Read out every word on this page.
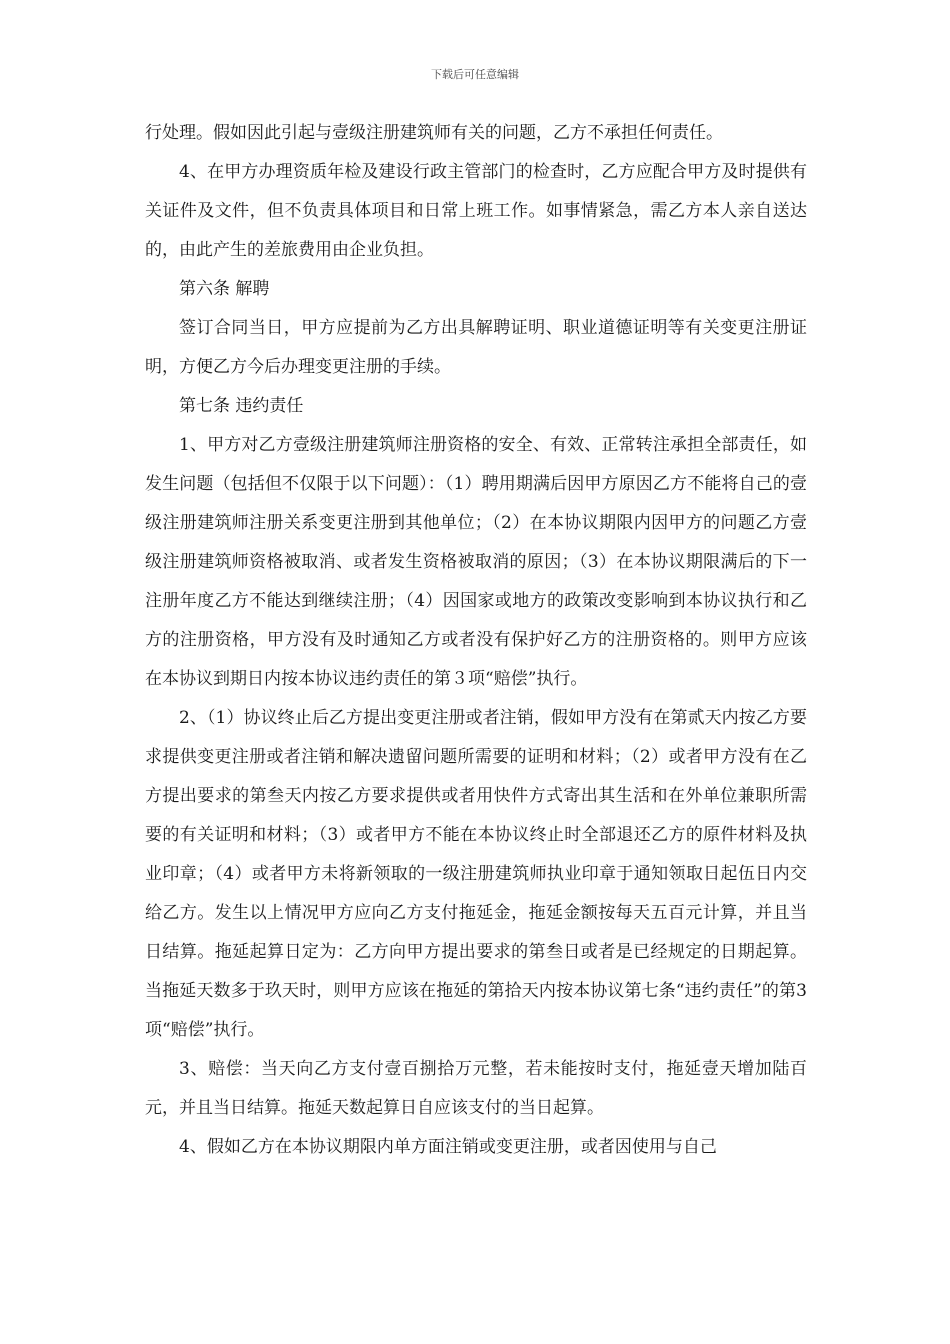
下载后可任意编辑

行处理。假如因此引起与壹级注册建筑师有关的问题，乙方不承担任何责任。

4、在甲方办理资质年检及建设行政主管部门的检查时，乙方应配合甲方及时提供有关证件及文件，但不负责具体项目和日常上班工作。如事情紧急，需乙方本人亲自送达的，由此产生的差旅费用由企业负担。

第六条 解聘

签订合同当日，甲方应提前为乙方出具解聘证明、职业道德证明等有关变更注册证明，方便乙方今后办理变更注册的手续。

第七条 违约责任

1、甲方对乙方壹级注册建筑师注册资格的安全、有效、正常转注承担全部责任，如发生问题（包括但不仅限于以下问题）：（1）聘用期满后因甲方原因乙方不能将自己的壹级注册建筑师注册关系变更注册到其他单位；（2）在本协议期限内因甲方的问题乙方壹级注册建筑师资格被取消、或者发生资格被取消的原因；（3）在本协议期限满后的下一注册年度乙方不能达到继续注册；（4）因国家或地方的政策改变影响到本协议执行和乙方的注册资格，甲方没有及时通知乙方或者没有保护好乙方的注册资格的。则甲方应该在本协议到期日内按本协议违约责任的第３项“赔偿”执行。

2、（1）协议终止后乙方提出变更注册或者注销，假如甲方没有在第贰天内按乙方要求提供变更注册或者注销和解决遗留问题所需要的证明和材料；（2）或者甲方没有在乙方提出要求的第叁天内按乙方要求提供或者用快件方式寄出其生活和在外单位兼职所需要的有关证明和材料；（3）或者甲方不能在本协议终止时全部退还乙方的原件材料及执业印章；（4）或者甲方未将新领取的一级注册建筑师执业印章于通知领取日起伍日内交给乙方。发生以上情况甲方应向乙方支付拖延金，拖延金额按每天五百元计算，并且当日结算。拖延起算日定为：乙方向甲方提出要求的第叁日或者是已经规定的日期起算。当拖延天数多于玖天时，则甲方应该在拖延的第拾天内按本协议第七条“违约责任”的第3项“赔偿”执行。

3、赔偿：当天向乙方支付壹百捌拾万元整，若未能按时支付，拖延壹天增加陆百元，并且当日结算。拖延天数起算日自应该支付的当日起算。

4、假如乙方在本协议期限内单方面注销或变更注册，或者因使用与自己
